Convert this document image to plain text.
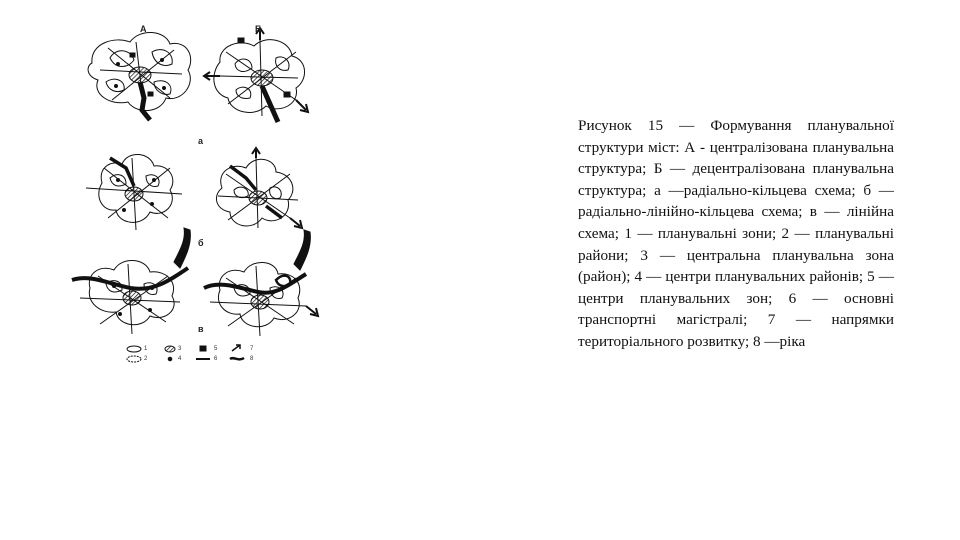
А	Б
а
б
в
1
2
3
4
5
6
7
8

Рисунок 15 — Формування планувальної структури міст: А - централізована планувальна структура; Б — децентралізована планувальна структура; а —радіально-кільцева схема; б — радіально-лінійно-кільцева схема; в — лінійна схема; 1 — планувальні зони; 2 — планувальні райони; 3 — центральна планувальна зона (район); 4 — центри планувальних районів; 5 — центри планувальних зон; 6 — основні транспортні магістралі; 7 — напрямки територіального розвитку; 8 —ріка
